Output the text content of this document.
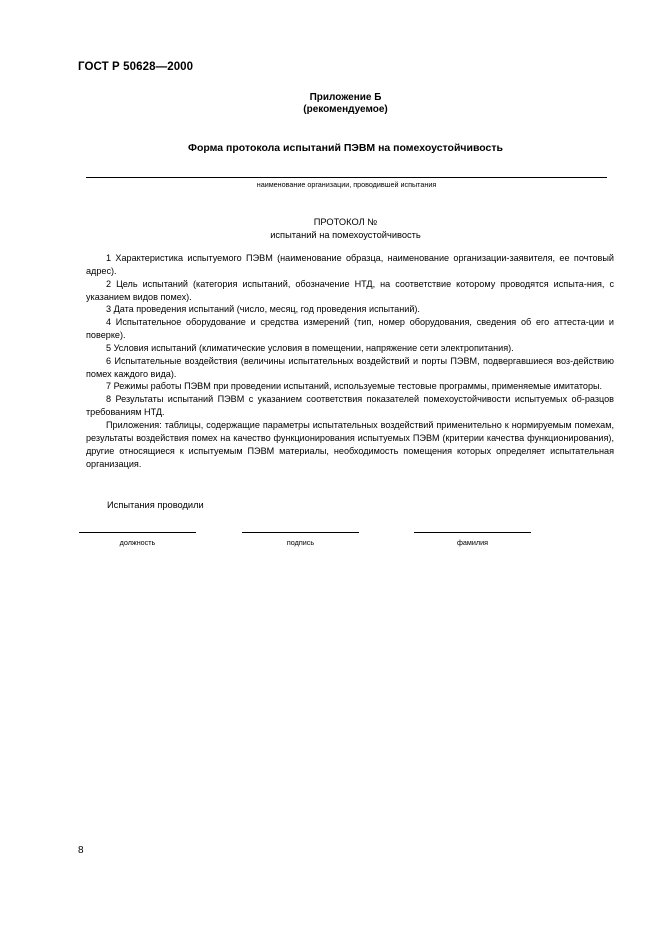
ГОСТ Р 50628—2000
Приложение Б
(рекомендуемое)
Форма протокола испытаний ПЭВМ на помехоустойчивость
наименование организации, проводившей испытания
ПРОТОКОЛ №
испытаний на помехоустойчивость

1 Характеристика испытуемого ПЭВМ (наименование образца, наименование организации-заявителя, ее почтовый адрес).

2 Цель испытаний (категория испытаний, обозначение НТД, на соответствие которому проводятся испыта-ния, с указанием видов помех).

3 Дата проведения испытаний (число, месяц, год проведения испытаний).

4 Испытательное оборудование и средства измерений (тип, номер оборудования, сведения об его аттеста-ции и поверке).

5 Условия испытаний (климатические условия в помещении, напряжение сети электропитания).

6 Испытательные воздействия (величины испытательных воздействий и порты ПЭВМ, подвергавшиеся воз-действию помех каждого вида).

7 Режимы работы ПЭВМ при проведении испытаний, используемые тестовые программы, применяемые имитаторы.

8 Результаты испытаний ПЭВМ с указанием соответствия показателей помехоустойчивости испытуемых об-разцов требованиям НТД.

Приложения: таблицы, содержащие параметры испытательных воздействий применительно к нормируемым помехам, результаты воздействия помех на качество функционирования испытуемых ПЭВМ (критерии качества функционирования), другие относящиеся к испытуемым ПЭВМ материалы, необходимость помещения которых определяет испытательная организация.

Испытания проводили
должность	подпись	фамилия
8
